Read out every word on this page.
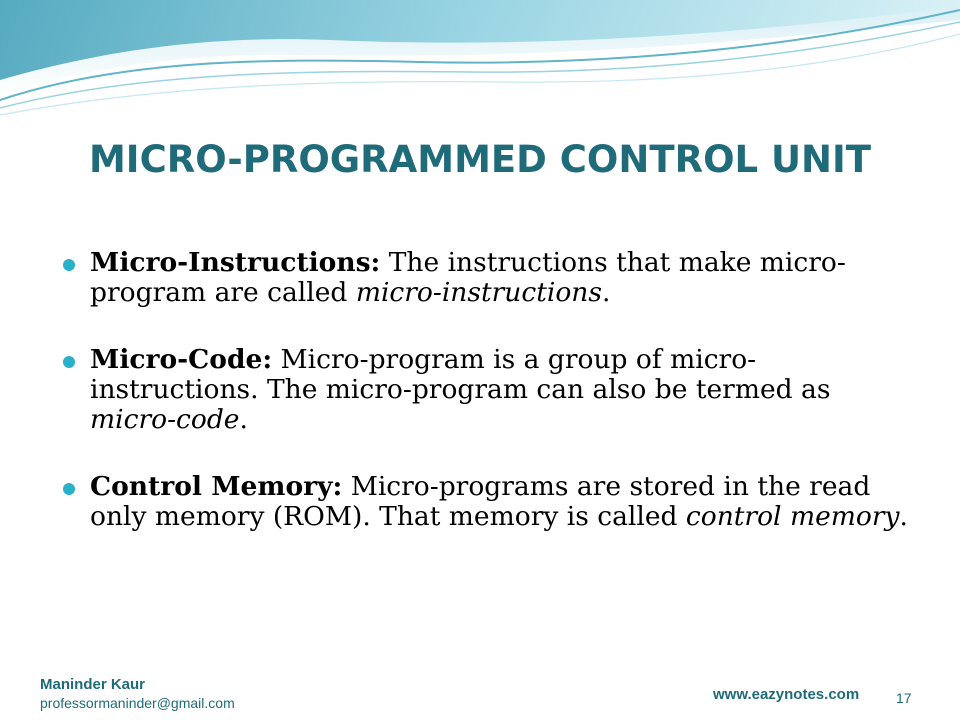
MICRO-PROGRAMMED CONTROL UNIT
Micro-Instructions: The instructions that make micro-program are called micro-instructions.
Micro-Code: Micro-program is a group of micro-instructions. The micro-program can also be termed as micro-code.
Control Memory: Micro-programs are stored in the read only memory (ROM). That memory is called control memory.
Maninder Kaur
professormaninder@gmail.com	www.eazynotes.com	17
